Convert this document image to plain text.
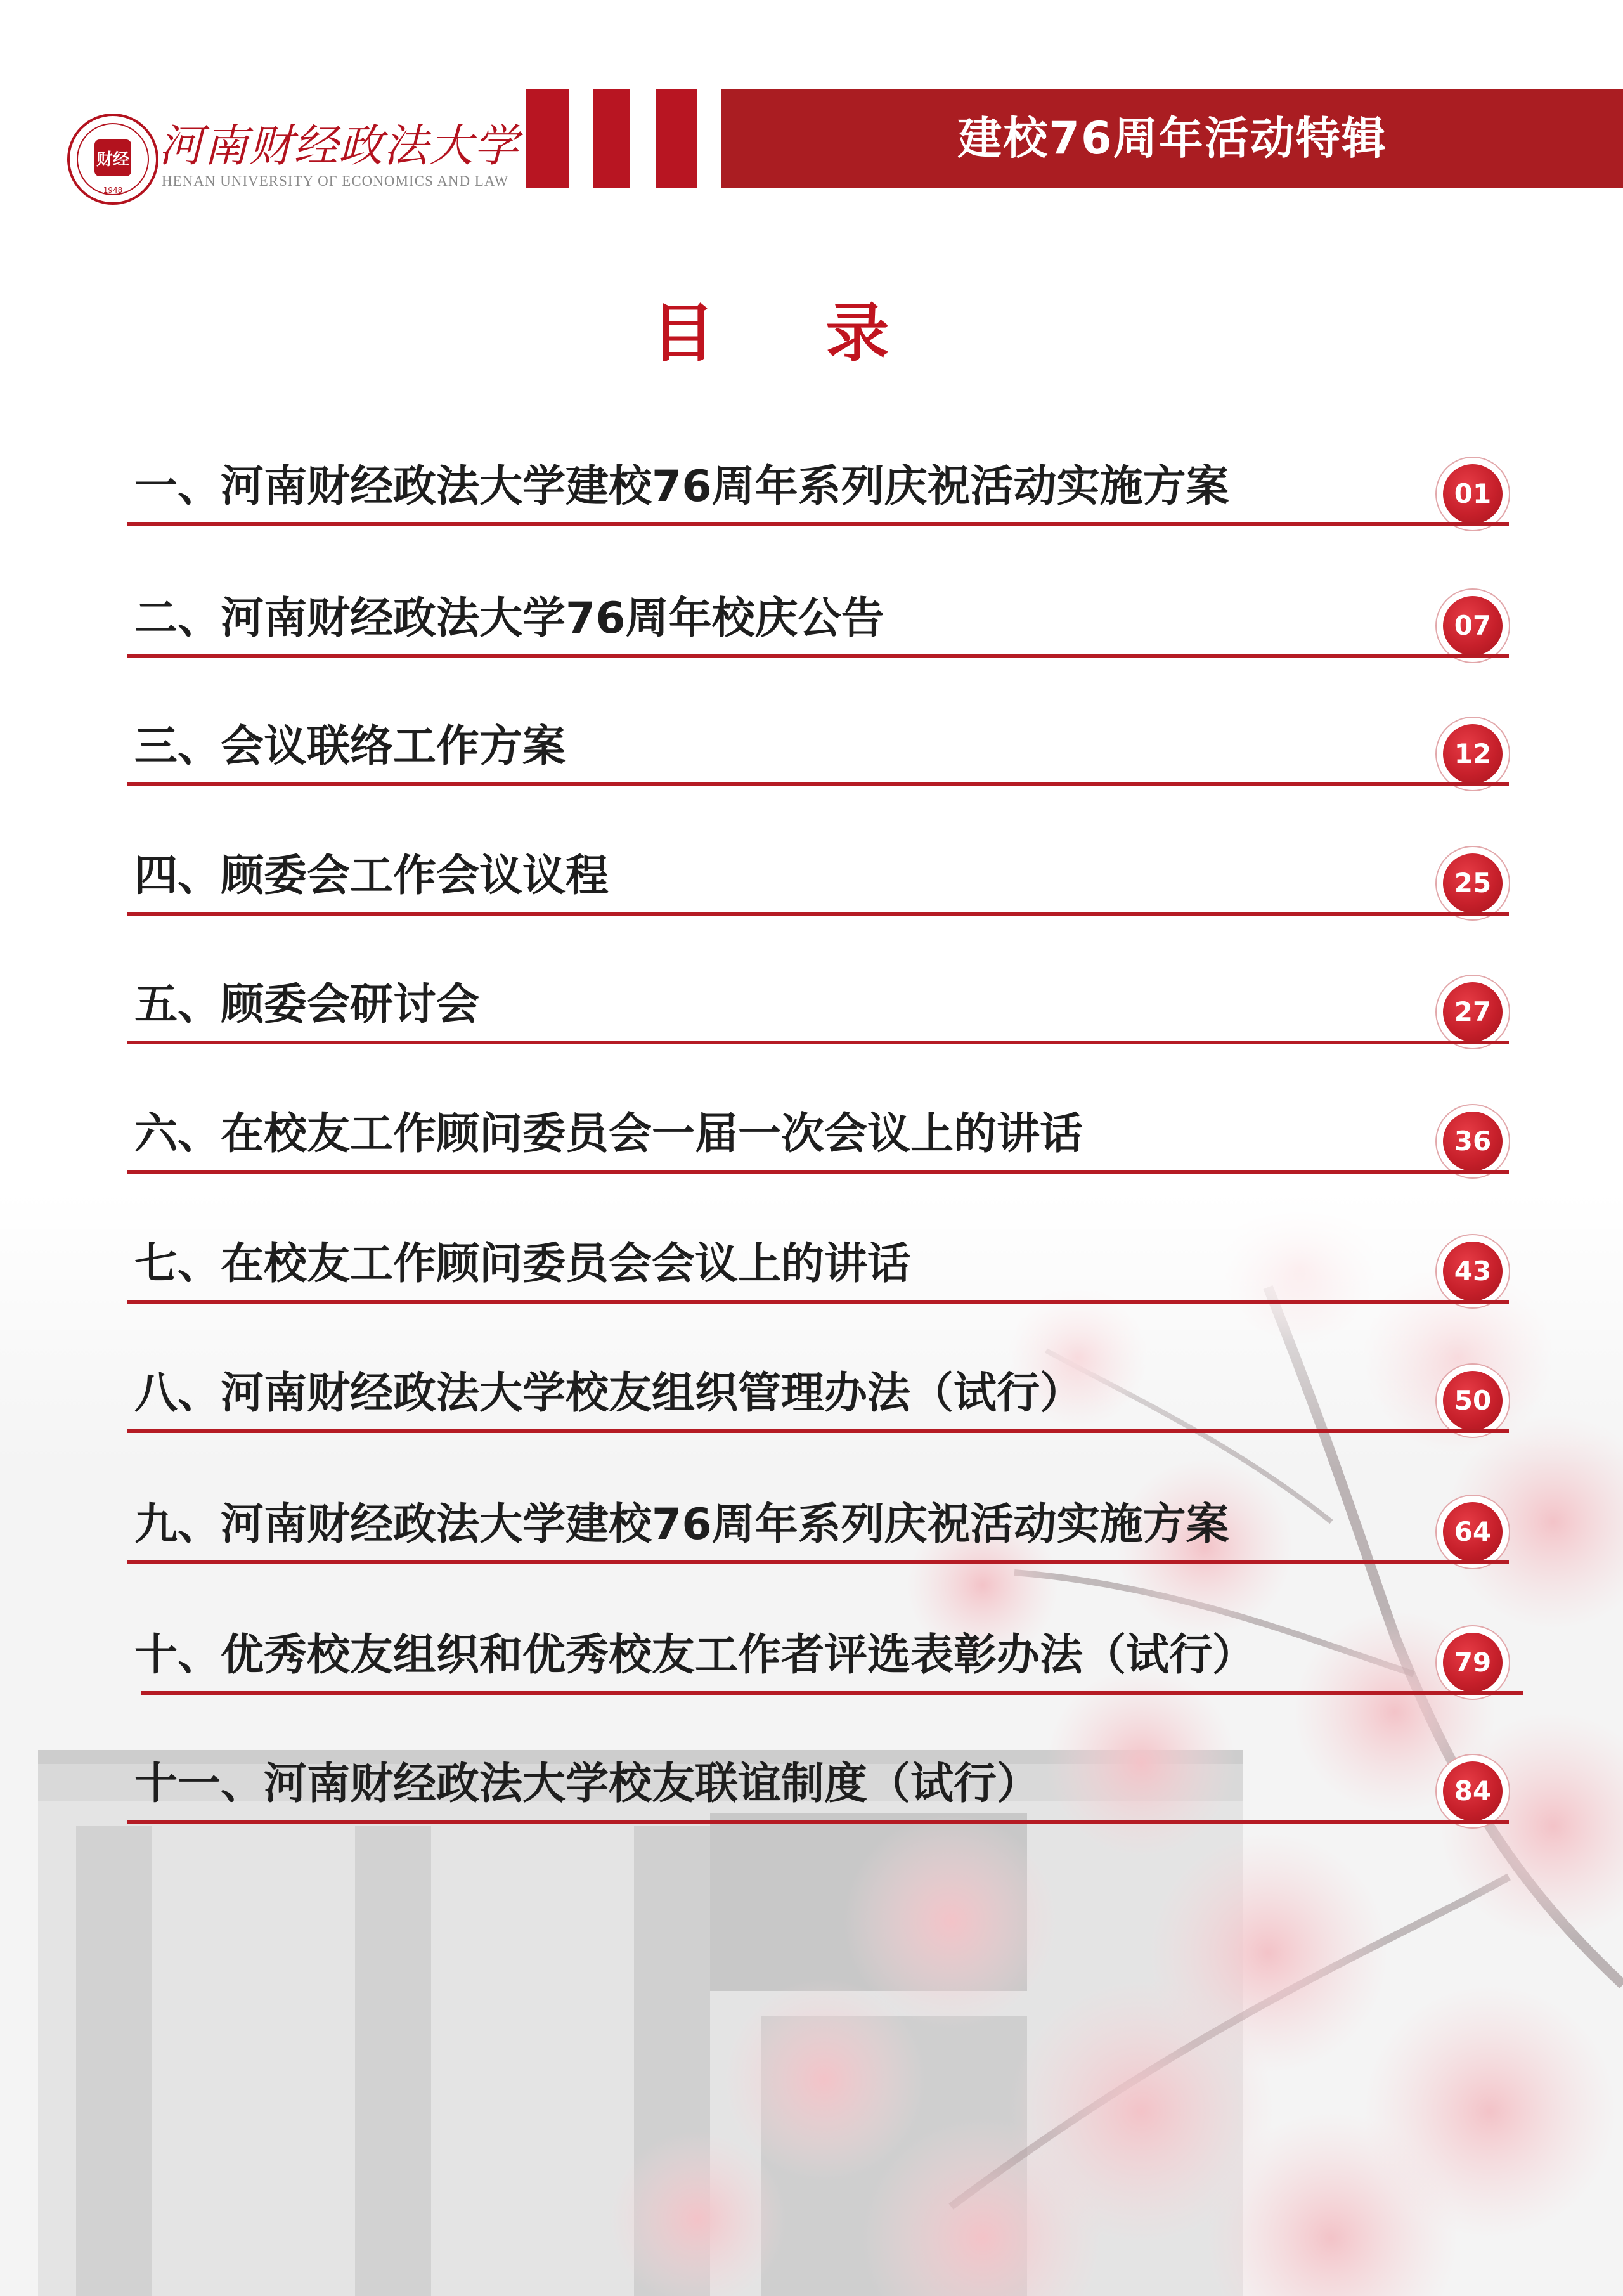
财经
1948
河南财经政法大学
HENAN UNIVERSITY OF ECONOMICS AND LAW
建校76周年活动特辑
目 录
一、河南财经政法大学建校76周年系列庆祝活动实施方案	01
二、河南财经政法大学76周年校庆公告	07
三、会议联络工作方案	12
四、顾委会工作会议议程	25
五、顾委会研讨会	27
六、在校友工作顾问委员会一届一次会议上的讲话	36
七、在校友工作顾问委员会会议上的讲话	43
八、河南财经政法大学校友组织管理办法（试行）	50
九、河南财经政法大学建校76周年系列庆祝活动实施方案	64
十、优秀校友组织和优秀校友工作者评选表彰办法（试行）	79
十一、河南财经政法大学校友联谊制度（试行）	84
